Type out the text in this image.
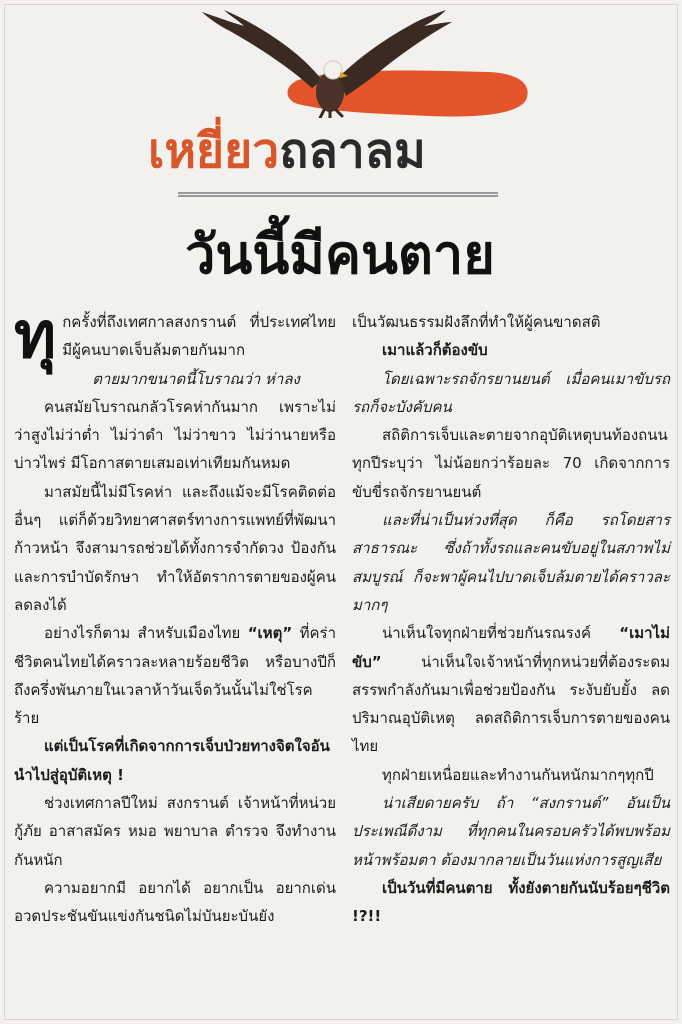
เหยี่ยวถลาลม
วันนี้มีคนตาย

ทุกครั้งที่ถึงเทศกาลสงกรานต์ ที่ประเทศไทยมีผู้คนบาดเจ็บล้มตายกันมาก

ตายมากขนาดนี้โบราณว่า ห่าลง

คนสมัยโบราณกลัวโรคห่ากันมาก เพราะไม่ว่าสูงไม่ว่าต่ำ ไม่ว่าดำ ไม่ว่าขาว ไม่ว่านายหรือบ่าวไพร่ มีโอกาสตายเสมอเท่าเทียมกันหมด

มาสมัยนี้ไม่มีโรคห่า และถึงแม้จะมีโรคติดต่ออื่นๆ แต่ก็ด้วยวิทยาศาสตร์ทางการแพทย์ที่พัฒนาก้าวหน้า จึงสามารถช่วยได้ทั้งการจำกัดวง ป้องกันและการบำบัดรักษา ทำให้อัตราการตายของผู้คนลดลงได้

อย่างไรก็ตาม สำหรับเมืองไทย “เหตุ” ที่คร่าชีวิตคนไทยได้คราวละหลายร้อยชีวิต หรือบางปีก็ถึงครึ่งพันภายในเวลาห้าวันเจ็ดวันนั้นไม่ใช่โรคร้าย

แต่เป็นโรคที่เกิดจากการเจ็บป่วยทางจิตใจอันนำไปสู่อุบัติเหตุ !

ช่วงเทศกาลปีใหม่ สงกรานต์ เจ้าหน้าที่หน่วยกู้ภัย อาสาสมัคร หมอ พยาบาล ตำรวจ จึงทำงานกันหนัก

ความอยากมี อยากได้ อยากเป็น อยากเด่น อวดประชันขันแข่งกันชนิดไม่บันยะบันยัง

เป็นวัฒนธรรมฝังลึกที่ทำให้ผู้คนขาดสติ

เมาแล้วก็ต้องขับ

โดยเฉพาะรถจักรยานยนต์ เมื่อคนเมาขับรถ รถก็จะบังคับคน

สถิติการเจ็บและตายจากอุบัติเหตุบนท้องถนนทุกปีระบุว่า ไม่น้อยกว่าร้อยละ 70 เกิดจากการขับขี่รถจักรยานยนต์

และที่น่าเป็นห่วงที่สุด ก็คือ รถโดยสารสาธารณะ ซึ่งถ้าทั้งรถและคนขับอยู่ในสภาพไม่สมบูรณ์ ก็จะพาผู้คนไปบาดเจ็บล้มตายได้คราวละมากๆ

น่าเห็นใจทุกฝ่ายที่ช่วยกันรณรงค์ “เมาไม่ขับ” น่าเห็นใจเจ้าหน้าที่ทุกหน่วยที่ต้องระดมสรรพกำลังกันมาเพื่อช่วยป้องกัน ระงับยับยั้ง ลดปริมาณอุบัติเหตุ ลดสถิติการเจ็บการตายของคนไทย

ทุกฝ่ายเหนื่อยและทำงานกันหนักมากๆทุกปี

น่าเสียดายครับ ถ้า “สงกรานต์” อันเป็นประเพณีดีงาม ที่ทุกคนในครอบครัวได้พบพร้อมหน้าพร้อมตา ต้องมากลายเป็นวันแห่งการสูญเสีย

เป็นวันที่มีคนตาย ทั้งยังตายกันนับร้อยๆชีวิต !?!!
